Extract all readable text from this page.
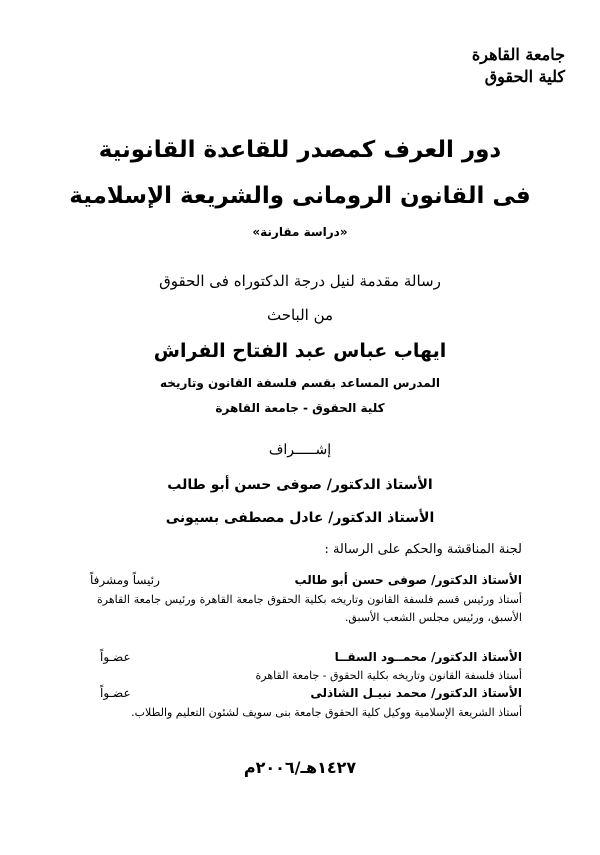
جامعة القاهرة
كلية الحقوق
دور العرف كمصدر للقاعدة القانونية
فى القانون الرومانى والشريعة الإسلامية
«دراسة مقارنة»
رسالة مقدمة لنيل درجة الدكتوراه فى الحقوق
من الباحث
ايهاب عباس عبد الفتاح الفراش
المدرس المساعد بقسم فلسفة القانون وتاريخه
كلية الحقوق - جامعة القاهرة
إشـــــراف
الأستاذ الدكتور/ صوفى حسن أبو طالب
الأستاذ الدكتور/ عادل مصطفى بسيونى
لجنة المناقشة والحكم على الرسالة :
الأستاذ الدكتور/ صوفى حسن أبو طالب
رئيساً ومشرفاً
أستاذ ورئيس قسم فلسفة القانون وتاريخه بكلية الحقوق جامعة القاهرة ورئيس جامعة القاهرة الأسبق، ورئيس مجلس الشعب الأسبق.
الأستاذ الدكتور/ محمــود السقــا
عضـواً
أستاذ فلسفة القانون وتاريخه بكلية الحقوق - جامعة القاهرة
الأستاذ الدكتور/ محمد نبيـل الشاذلى
عضـواً
أستاذ الشريعة الإسلامية ووكيل كلية الحقوق جامعة بنى سويف لشئون التعليم والطلاب.
١٤٢٧هـ/٢٠٠٦م
